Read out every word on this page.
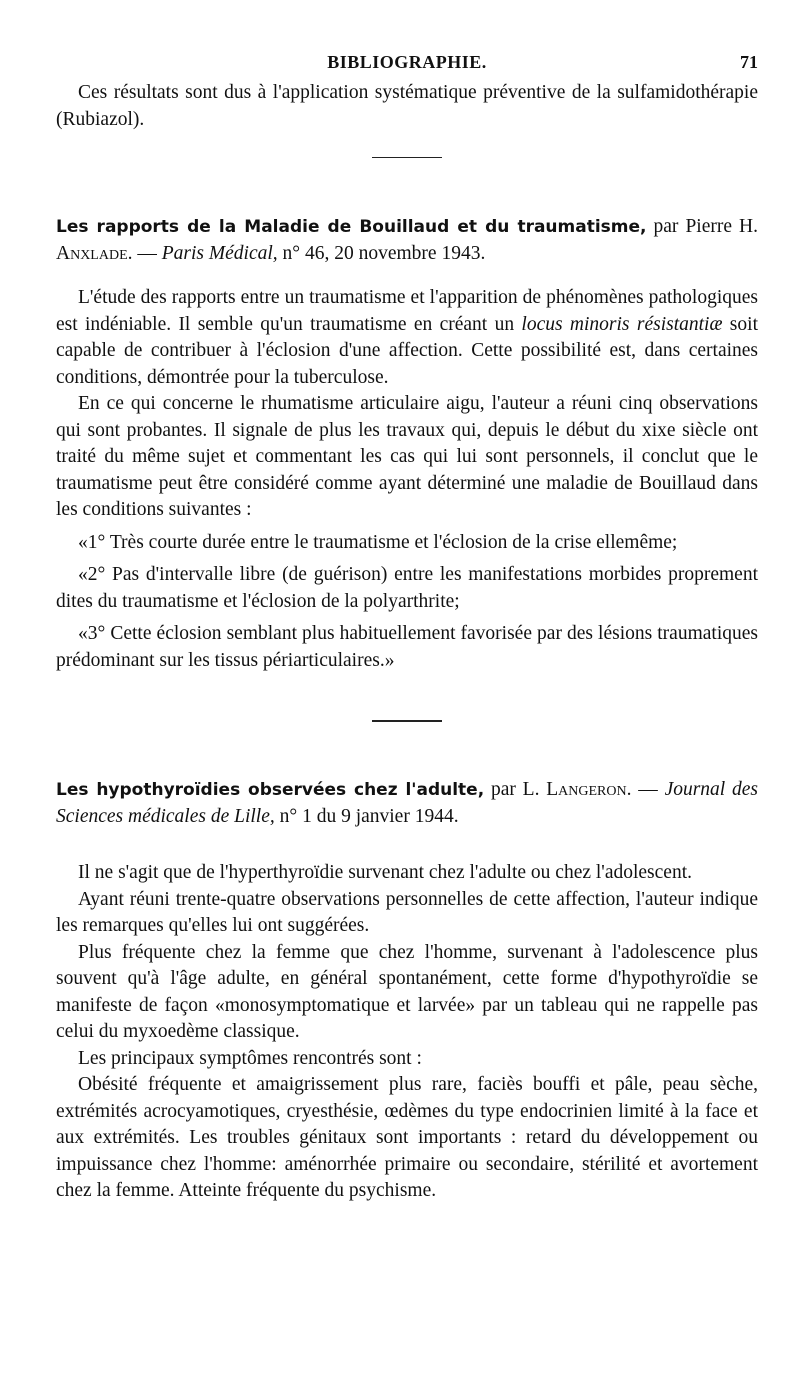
BIBLIOGRAPHIE.	71

Ces résultats sont dus à l'application systématique préventive de la sulfamidothérapie (Rubiazol).

Les rapports de la Maladie de Bouillaud et du traumatisme, par Pierre H. Anxlade. — Paris Médical, n° 46, 20 novembre 1943.

L'étude des rapports entre un traumatisme et l'apparition de phénomènes pathologiques est indéniable. Il semble qu'un traumatisme en créant un locus minoris résistantiæ soit capable de contribuer à l'éclosion d'une affection. Cette possibilité est, dans certaines conditions, démontrée pour la tuberculose.

En ce qui concerne le rhumatisme articulaire aigu, l'auteur a réuni cinq observations qui sont probantes. Il signale de plus les travaux qui, depuis le début du xixe siècle ont traité du même sujet et commentant les cas qui lui sont personnels, il conclut que le traumatisme peut être considéré comme ayant déterminé une maladie de Bouillaud dans les conditions suivantes :

«1° Très courte durée entre le traumatisme et l'éclosion de la crise ellemême;

«2° Pas d'intervalle libre (de guérison) entre les manifestations morbides proprement dites du traumatisme et l'éclosion de la polyarthrite;

«3° Cette éclosion semblant plus habituellement favorisée par des lésions traumatiques prédominant sur les tissus périarticulaires.»

Les hypothyroïdies observées chez l'adulte, par L. Langeron. — Journal des Sciences médicales de Lille, n° 1 du 9 janvier 1944.

Il ne s'agit que de l'hyperthyroïdie survenant chez l'adulte ou chez l'adolescent.

Ayant réuni trente-quatre observations personnelles de cette affection, l'auteur indique les remarques qu'elles lui ont suggérées.

Plus fréquente chez la femme que chez l'homme, survenant à l'adolescence plus souvent qu'à l'âge adulte, en général spontanément, cette forme d'hypothyroïdie se manifeste de façon «monosymptomatique et larvée» par un tableau qui ne rappelle pas celui du myxoedème classique.

Les principaux symptômes rencontrés sont :

Obésité fréquente et amaigrissement plus rare, faciès bouffi et pâle, peau sèche, extrémités acrocyamotiques, cryesthésie, œdèmes du type endocrinien limité à la face et aux extrémités. Les troubles génitaux sont importants : retard du développement ou impuissance chez l'homme: aménorrhée primaire ou secondaire, stérilité et avortement chez la femme. Atteinte fréquente du psychisme.
